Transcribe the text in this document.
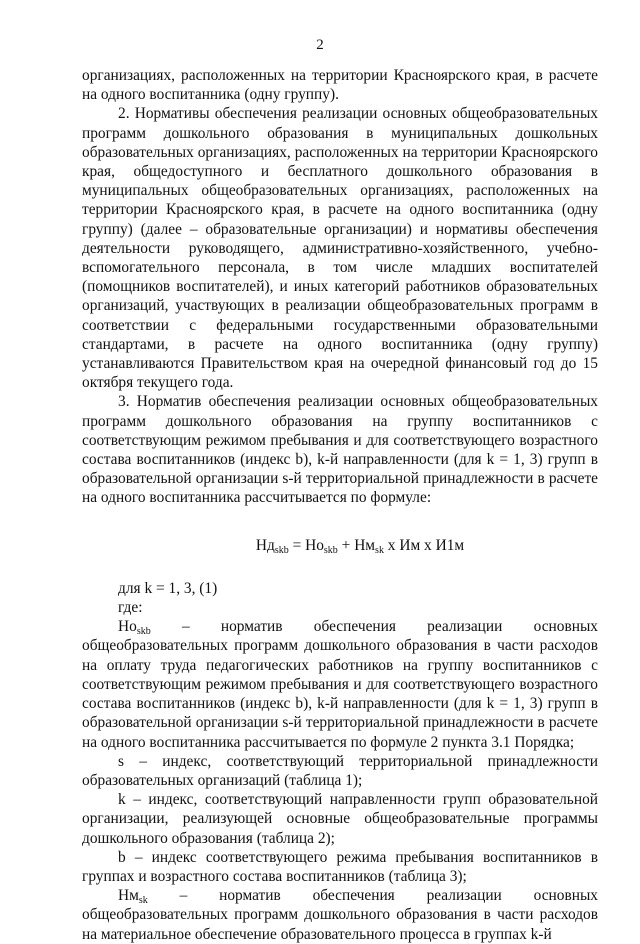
2

организациях, расположенных на территории Красноярского края, в расчете на одного воспитанника (одну группу).

2. Нормативы обеспечения реализации основных общеобразовательных программ дошкольного образования в муниципальных дошкольных образовательных организациях, расположенных на территории Красноярского края, общедоступного и бесплатного дошкольного образования в муниципальных общеобразовательных организациях, расположенных на территории Красноярского края, в расчете на одного воспитанника (одну группу) (далее – образовательные организации) и нормативы обеспечения деятельности руководящего, административно-хозяйственного, учебно-вспомогательного персонала, в том числе младших воспитателей (помощников воспитателей), и иных категорий работников образовательных организаций, участвующих в реализации общеобразовательных программ в соответствии с федеральными государственными образовательными стандартами, в расчете на одного воспитанника (одну группу) устанавливаются Правительством края на очередной финансовый год до 15 октября текущего года.

3. Норматив обеспечения реализации основных общеобразовательных программ дошкольного образования на группу воспитанников с соответствующим режимом пребывания и для соответствующего возрастного состава воспитанников (индекс b), k-й направленности (для k = 1, 3) групп в образовательной организации s-й территориальной принадлежности в расчете на одного воспитанника рассчитывается по формуле:

$Нд_{skb} = Но_{skb} + Нм_{sk}$ х Им х И1м

для k = 1, 3, (1)

где:

$Но_{skb}$ – норматив обеспечения реализации основных общеобразовательных программ дошкольного образования в части расходов на оплату труда педагогических работников на группу воспитанников с соответствующим режимом пребывания и для соответствующего возрастного состава воспитанников (индекс b), k-й направленности (для k = 1, 3) групп в образовательной организации s-й территориальной принадлежности в расчете на одного воспитанника рассчитывается по формуле 2 пункта 3.1 Порядка;

s – индекс, соответствующий территориальной принадлежности образовательных организаций (таблица 1);

k – индекс, соответствующий направленности групп образовательной организации, реализующей основные общеобразовательные программы дошкольного образования (таблица 2);

b – индекс соответствующего режима пребывания воспитанников в группах и возрастного состава воспитанников (таблица 3);

$Нм_{sk}$ – норматив обеспечения реализации основных общеобразовательных программ дошкольного образования в части расходов на материальное обеспечение образовательного процесса в группах k-й
